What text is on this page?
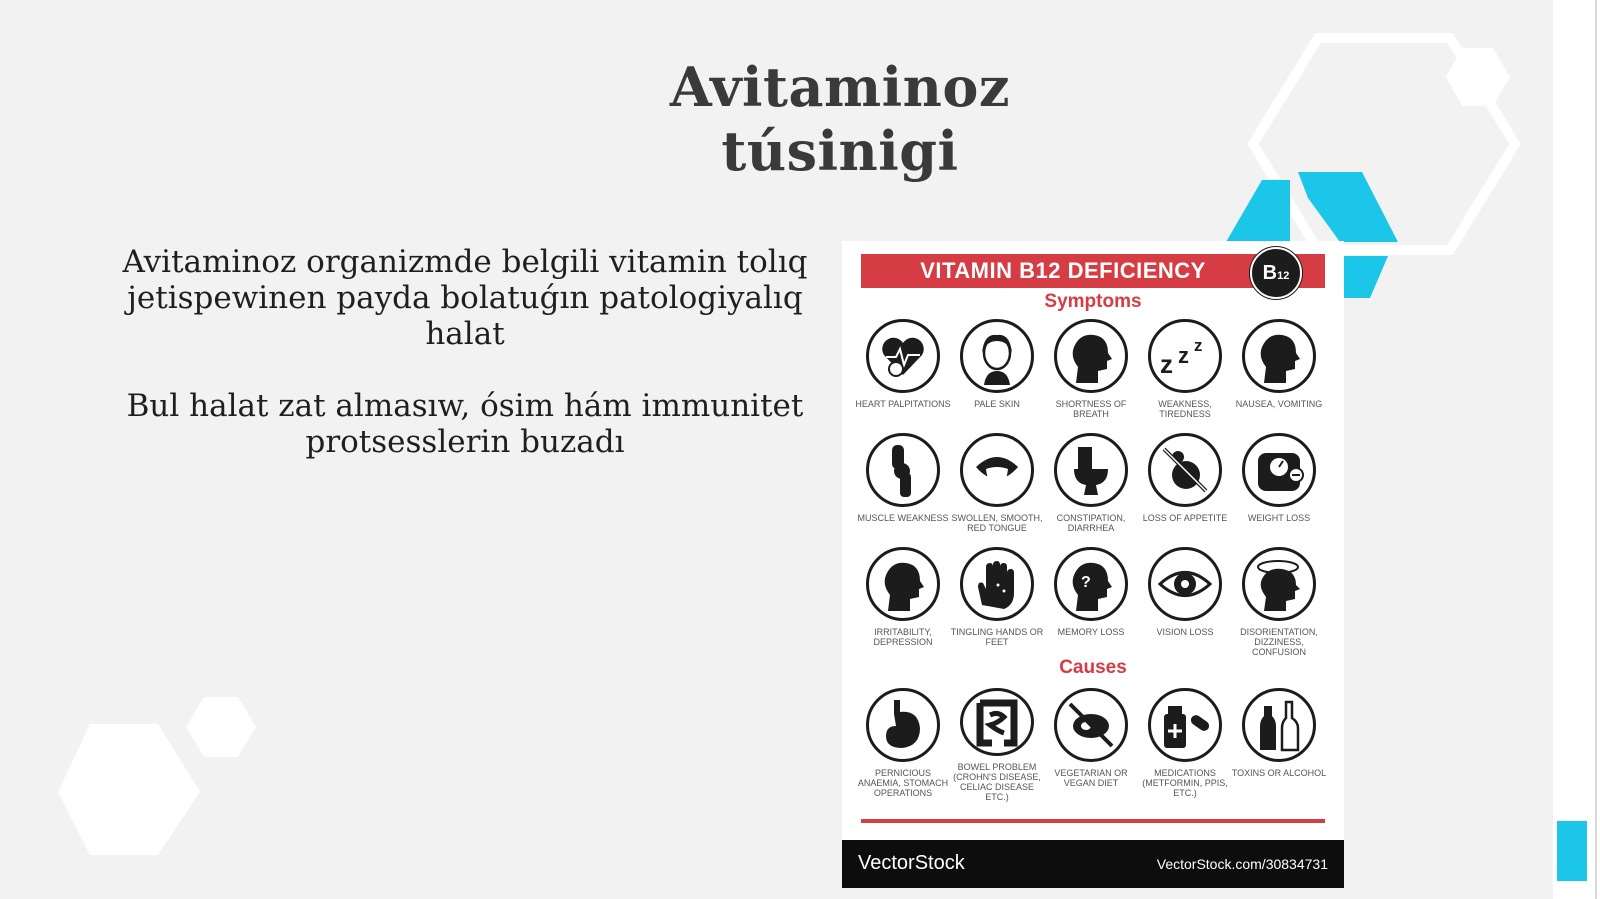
Avitaminoz túsinigi

Avitaminoz organizmde belgili vitamin tolıq jetispewinen payda bolatuǵın patologiyalıq halat

Bul halat zat almasıw, ósim hám immunitet protsesslerin buzadı

VITAMIN B12 DEFICIENCY	B12
Symptoms
HEART PALPITATIONS	PALE SKIN	SHORTNESS OF BREATH
z z z
WEAKNESS, TIREDNESS
NAUSEA, VOMITING
MUSCLE WEAKNESS SWOLLEN, SMOOTH, RED TONGUE
CONSTIPATION, DIARRHEA
LOSS OF APPETITE	WEIGHT LOSS
IRRITABILITY, DEPRESSION
TINGLING HANDS OR FEET
?
MEMORY LOSS	VISION LOSS	DISORIENTATION, DIZZINESS, CONFUSION
Causes
PERNICIOUS ANAEMIA, STOMACH OPERATIONS
BOWEL PROBLEM (CROHN'S DISEASE, CELIAC DISEASE ETC.)
VEGETARIAN OR VEGAN DIET
MEDICATIONS (METFORMIN, PPIS, ETC.)
TOXINS OR ALCOHOL
VectorStock	VectorStock.com/30834731
